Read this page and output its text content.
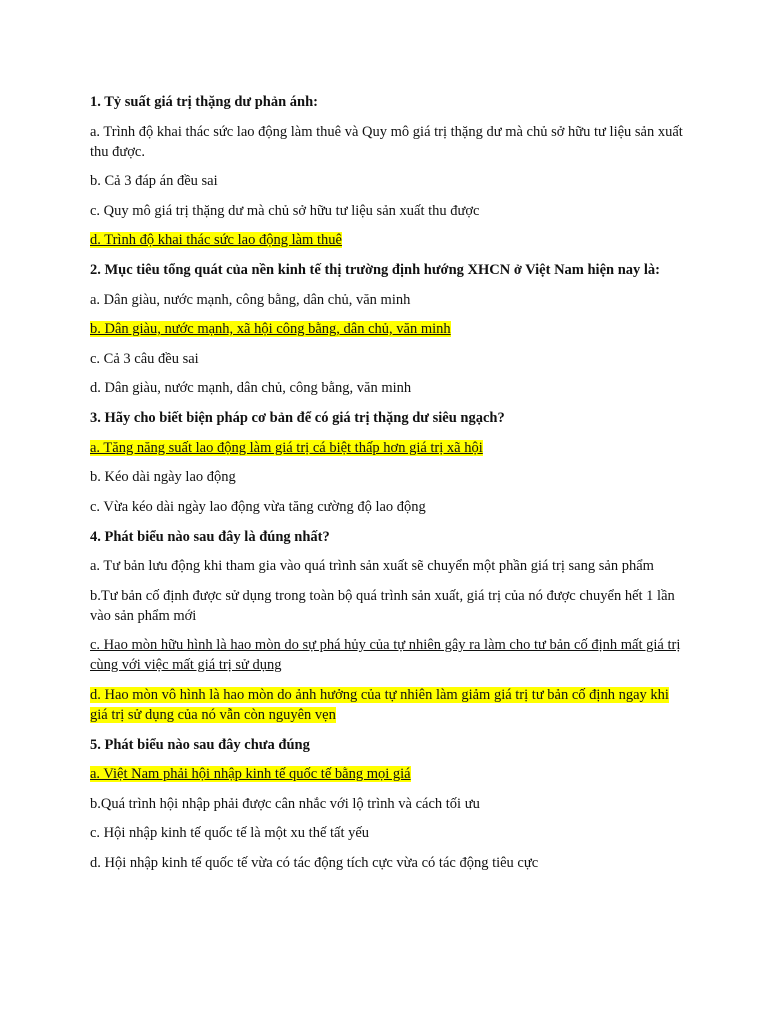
1. Tỷ suất giá trị thặng dư phản ánh:

a. Trình độ khai thác sức lao động làm thuê và Quy mô giá trị thặng dư mà chủ sở hữu tư liệu sản xuất thu được.

b. Cả 3 đáp án đều sai

c. Quy mô giá trị thặng dư mà chủ sở hữu tư liệu sản xuất thu được

d. Trình độ khai thác sức lao động làm thuê

2. Mục tiêu tổng quát của nền kinh tế thị trường định hướng XHCN ở Việt Nam hiện nay là:

a. Dân giàu, nước mạnh, công bằng, dân chủ, văn minh

b. Dân giàu, nước mạnh, xã hội công bằng, dân chủ, văn minh

c. Cả 3 câu đều sai

d. Dân giàu, nước mạnh, dân chủ, công bằng, văn minh

3. Hãy cho biết biện pháp cơ bản để có giá trị thặng dư siêu ngạch?

a. Tăng năng suất lao động làm giá trị cá biệt thấp hơn giá trị xã hội

b. Kéo dài ngày lao động

c. Vừa kéo dài ngày lao động vừa tăng cường độ lao động

4. Phát biểu nào sau đây là đúng nhất?

a. Tư bản lưu động khi tham gia vào quá trình sản xuất sẽ chuyển một phần giá trị sang sản phẩm

b.Tư bản cố định được sử dụng trong toàn bộ quá trình sản xuất, giá trị của nó được chuyển hết 1 lần vào sản phẩm mới

c. Hao mòn hữu hình là hao mòn do sự phá hủy của tự nhiên gây ra làm cho tư bản cố định mất giá trị cùng với việc mất giá trị sử dụng

d. Hao mòn vô hình là hao mòn do ảnh hưởng của tự nhiên làm giảm giá trị tư bản cố định ngay khi giá trị sử dụng của nó vẫn còn nguyên vẹn

5. Phát biểu nào sau đây chưa đúng

a. Việt Nam phải hội nhập kinh tế quốc tế bằng mọi giá

b.Quá trình hội nhập phải được cân nhắc với lộ trình và cách tối ưu

c. Hội nhập kinh tế quốc tế là một xu thế tất yếu

d. Hội nhập kinh tế quốc tế vừa có tác động tích cực vừa có tác động tiêu cực
